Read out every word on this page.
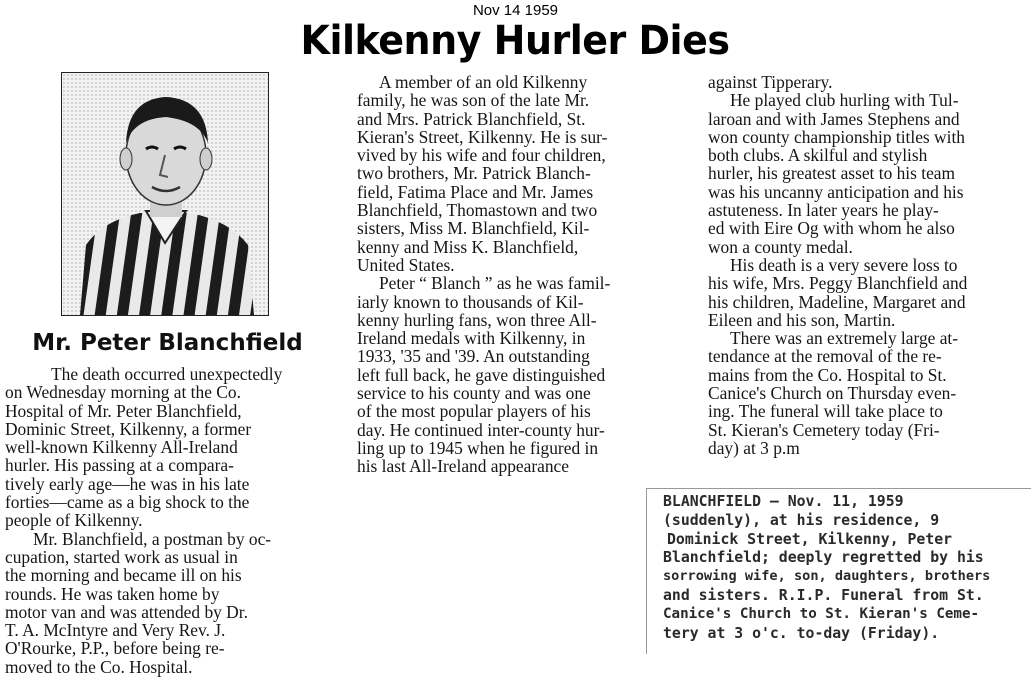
Nov 14 1959
Kilkenny Hurler Dies
Mr. Peter Blanchfield
The death occurred unexpectedly
on Wednesday morning at the Co.
Hospital of Mr. Peter Blanchfield,
Dominic Street, Kilkenny, a former
well-known Kilkenny All-Ireland
hurler. His passing at a compara-
tively early age—he was in his late
forties—came as a big shock to the
people of Kilkenny.
Mr. Blanchfield, a postman by oc-
cupation, started work as usual in
the morning and became ill on his
rounds. He was taken home by
motor van and was attended by Dr.
T. A. McIntyre and Very Rev. J.
O'Rourke, P.P., before being re-
moved to the Co. Hospital.
A member of an old Kilkenny
family, he was son of the late Mr.
and Mrs. Patrick Blanchfield, St.
Kieran's Street, Kilkenny. He is sur-
vived by his wife and four children,
two brothers, Mr. Patrick Blanch-
field, Fatima Place and Mr. James
Blanchfield, Thomastown and two
sisters, Miss M. Blanchfield, Kil-
kenny and Miss K. Blanchfield,
United States.
Peter “ Blanch ” as he was famil-
iarly known to thousands of Kil-
kenny hurling fans, won three All-
Ireland medals with Kilkenny, in
1933, '35 and '39. An outstanding
left full back, he gave distinguished
service to his county and was one
of the most popular players of his
day. He continued inter-county hur-
ling up to 1945 when he figured in
his last All-Ireland appearance
against Tipperary.
He played club hurling with Tul-
laroan and with James Stephens and
won county championship titles with
both clubs. A skilful and stylish
hurler, his greatest asset to his team
was his uncanny anticipation and his
astuteness. In later years he play-
ed with Eire Og with whom he also
won a county medal.
His death is a very severe loss to
his wife, Mrs. Peggy Blanchfield and
his children, Madeline, Margaret and
Eileen and his son, Martin.
There was an extremely large at-
tendance at the removal of the re-
mains from the Co. Hospital to St.
Canice's Church on Thursday even-
ing. The funeral will take place to
St. Kieran's Cemetery today (Fri-
day) at 3 p.m
BLANCHFIELD — Nov. 11, 1959
(suddenly), at his residence, 9
Dominick Street, Kilkenny, Peter
Blanchfield; deeply regretted by his
sorrowing wife, son, daughters, brothers
and sisters. R.I.P. Funeral from St.
Canice's Church to St. Kieran's Ceme-
tery at 3 o'c. to-day (Friday).
